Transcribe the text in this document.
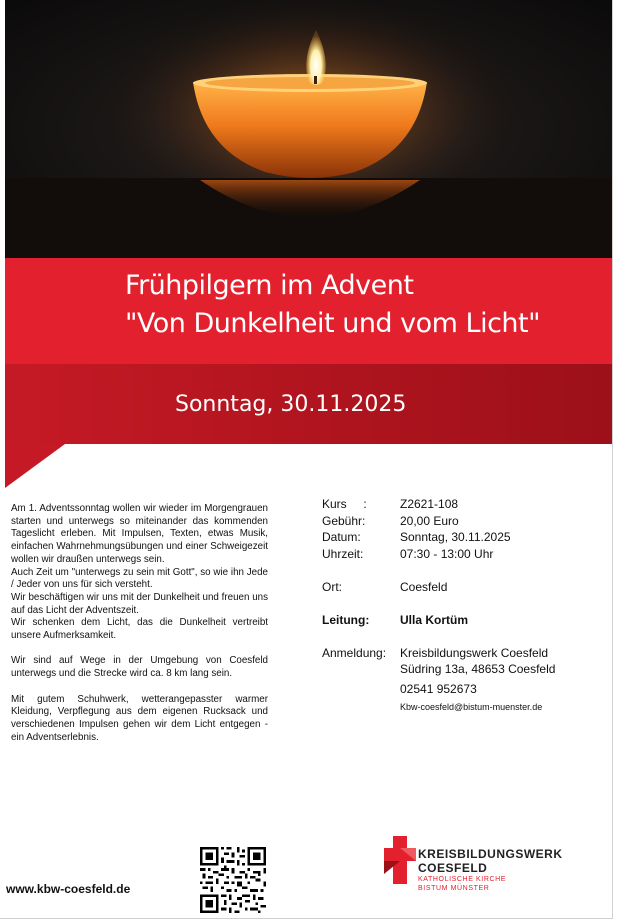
Frühpilgern im Advent
"Von Dunkelheit und vom Licht"
Sonntag, 30.11.2025

Am 1. Adventssonntag wollen wir wieder im Morgengrauen starten und unterwegs so miteinander das kommenden Tageslicht erleben. Mit Impulsen, Texten, etwas Musik, einfachen Wahrnehmungsübungen und einer Schweigezeit wollen wir draußen unterwegs sein.

Auch Zeit um "unterwegs zu sein mit Gott", so wie ihn Jede / Jeder von uns für sich versteht.

Wir beschäftigen wir uns mit der Dunkelheit und freuen uns auf das Licht der Adventszeit.

Wir schenken dem Licht, das die Dunkelheit vertreibt unsere Aufmerksamkeit.

Wir sind auf Wege in der Umgebung von Coesfeld unterwegs und die Strecke wird ca. 8 km lang sein.

Mit gutem Schuhwerk, wetterangepasster warmer Kleidung, Verpflegung aus dem eigenen Rucksack und verschiedenen Impulsen gehen wir dem Licht entgegen - ein Adventserlebnis.

Kurs     :	Z2621-108
Gebühr:	20,00 Euro
Datum:	Sonntag, 30.11.2025
Uhrzeit:	07:30 - 13:00 Uhr
Ort:	Coesfeld
Leitung:	Ulla Kortüm
Anmeldung: Kreisbildungswerk Coesfeld
Südring 13a, 48653 Coesfeld
02541 952673
Kbw-coesfeld@bistum-muenster.de
www.kbw-coesfeld.de
KREISBILDUNGSWERK
COESFELD
KATHOLISCHE KIRCHE
BISTUM MÜNSTER
